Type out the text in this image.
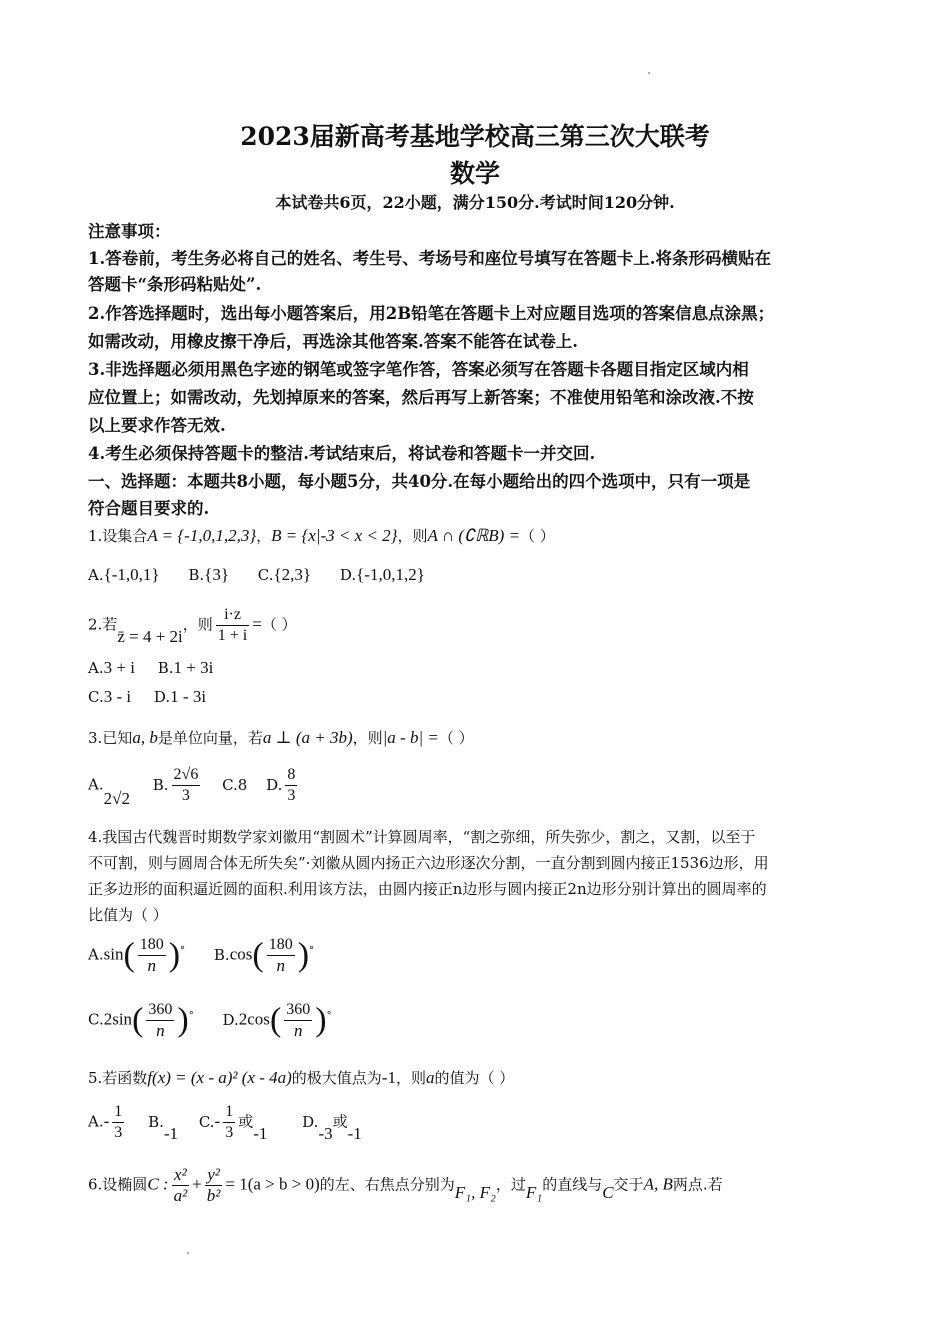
2023届新高考基地学校高三第三次大联考
数学
本试卷共6页，22小题，满分150分.考试时间120分钟.
注意事项：
1.答卷前，考生务必将自己的姓名、考生号、考场号和座位号填写在答题卡上.将条形码横贴在
答题卡“条形码粘贴处”.
2.作答选择题时，选出每小题答案后，用2B铅笔在答题卡上对应题目选项的答案信息点涂黑；
如需改动，用橡皮擦干净后，再选涂其他答案.答案不能答在试卷上.
3.非选择题必须用黑色字迹的钢笔或签字笔作答，答案必须写在答题卡各题目指定区域内相
应位置上；如需改动，先划掉原来的答案，然后再写上新答案；不准使用铅笔和涂改液.不按
以上要求作答无效.
4.考生必须保持答题卡的整洁.考试结束后，将试卷和答题卡一并交回.
一、选择题：本题共8小题，每小题5分，共40分.在每小题给出的四个选项中，只有一项是
符合题目要求的.
1.设集合A = {-1,0,1,2,3}，B = {x|-3 < x < 2}，则A ∩ (∁ℝB) =（ ）
A.{-1,0,1} B.{3} C.{2,3} D.{-1,0,1,2}
2.若z̄ = 4 + 2i，则 $\frac{i\cdot z}{1 + i}$ =（ ）
A.3 + i B.1 + 3i
C.3 - i D.1 - 3i
3.已知a, b是单位向量，若a ⊥ (a + 3b)，则|a - b| =（ ）
A.2√2 B. $\frac{2√6}{3} C.8$ D. $\frac{8}{3}$
4.我国古代魏晋时期数学家刘徽用“割圆术”计算圆周率，“割之弥细，所失弥少，割之，又割，以至于
不可割，则与圆周合体无所失矣”·刘徽从圆内扬正六边形逐次分割，一直分割到圆内接正1536边形，用
正多边形的面积逼近圆的面积.利用该方法，由圆内接正n边形与圆内接正2n边形分别计算出的圆周率的
比值为（ ）
$A.\sin( \frac{180}{n} )^\circ$ $B.\cos( \frac{180}{n} )^\circ$
$C.2\sin( \frac{360}{n} )^\circ$ $D.2\cos( \frac{360}{n} )^\circ$
5.若函数f(x) = (x - a)² (x - 4a)的极大值点为-1，则a的值为（ ）
$A.- \frac{1}{3} B.-1$ $C.- \frac{1}{3}$ 或-1 D.-3或-1
6.设椭圆C : $\frac{\text{x²}}{\text{a²}} + \frac{\text{y²}}{\text{b²}} = 1(a > b > 0)$的左、右焦点分别为F₁, F₂，过F₁的直线与C交于A, B两点.若
